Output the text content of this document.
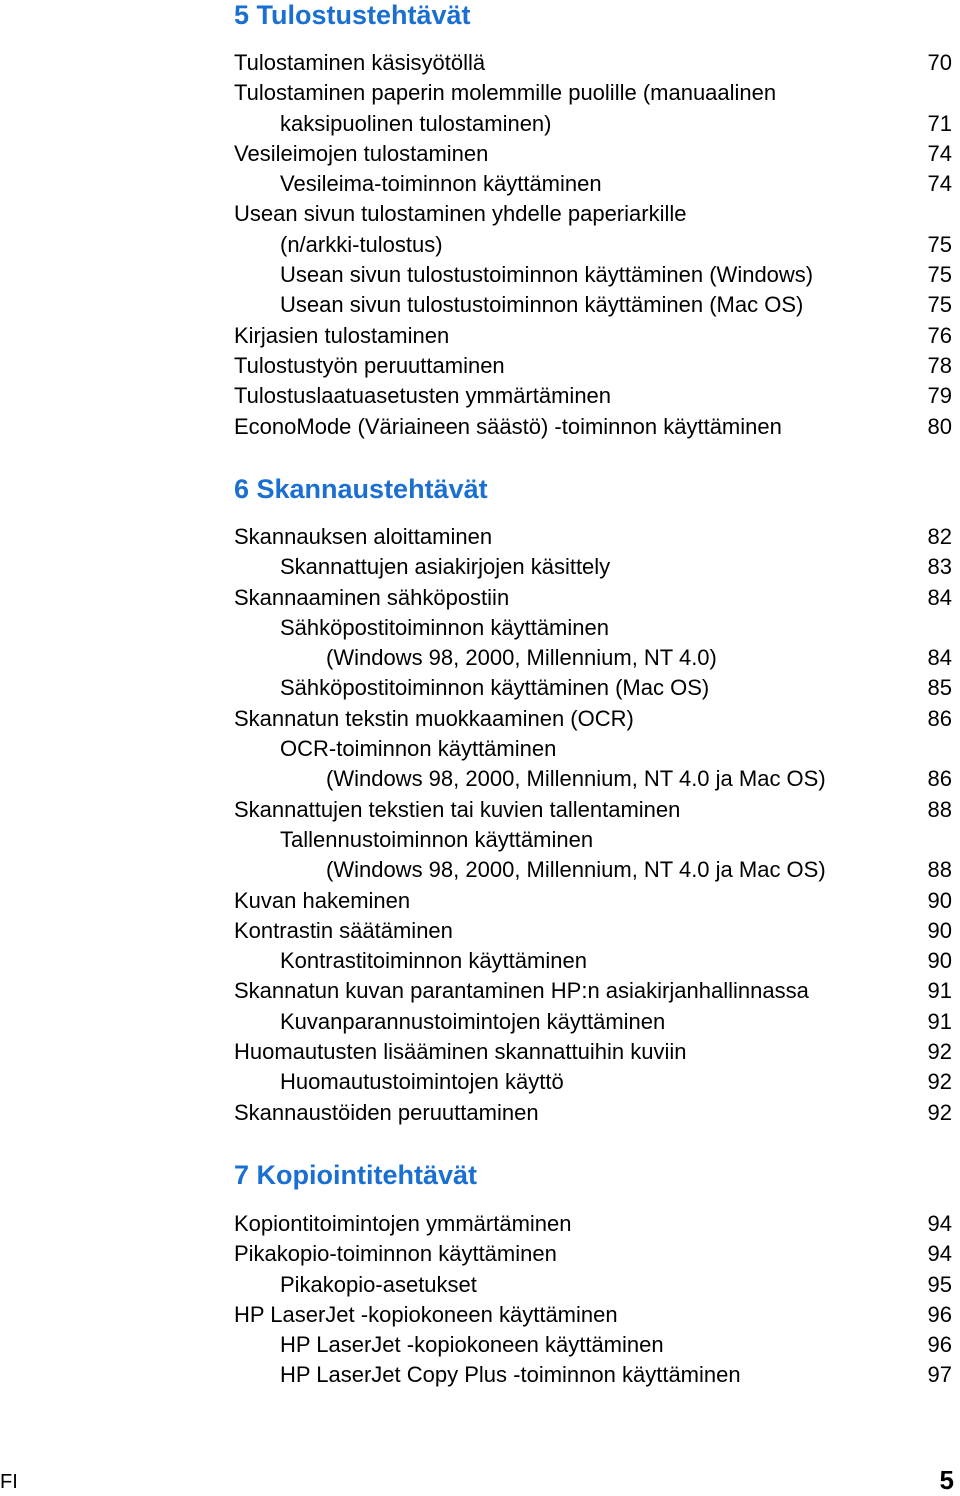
5 Tulostustehtävät
Tulostaminen käsisyötöllä	70
Tulostaminen paperin molemmille puolille (manuaalinen
kaksipuolinen tulostaminen)	71
Vesileimojen tulostaminen	74
Vesileima-toiminnon käyttäminen	74
Usean sivun tulostaminen yhdelle paperiarkille
(n/arkki-tulostus)	75
Usean sivun tulostustoiminnon käyttäminen (Windows)	75
Usean sivun tulostustoiminnon käyttäminen (Mac OS)	75
Kirjasien tulostaminen	76
Tulostustyön peruuttaminen	78
Tulostuslaatuasetusten ymmärtäminen	79
EconoMode (Väriaineen säästö) -toiminnon käyttäminen	80
6 Skannaustehtävät
Skannauksen aloittaminen	82
Skannattujen asiakirjojen käsittely	83
Skannaaminen sähköpostiin	84
Sähköpostitoiminnon käyttäminen
(Windows 98, 2000, Millennium, NT 4.0)	84
Sähköpostitoiminnon käyttäminen (Mac OS)	85
Skannatun tekstin muokkaaminen (OCR)	86
OCR-toiminnon käyttäminen
(Windows 98, 2000, Millennium, NT 4.0 ja Mac OS)	86
Skannattujen tekstien tai kuvien tallentaminen	88
Tallennustoiminnon käyttäminen
(Windows 98, 2000, Millennium, NT 4.0 ja Mac OS)	88
Kuvan hakeminen	90
Kontrastin säätäminen	90
Kontrastitoiminnon käyttäminen	90
Skannatun kuvan parantaminen HP:n asiakirjanhallinnassa	91
Kuvanparannustoimintojen käyttäminen	91
Huomautusten lisääminen skannattuihin kuviin	92
Huomautustoimintojen käyttö	92
Skannaustöiden peruuttaminen	92
7 Kopiointitehtävät
Kopiontitoimintojen ymmärtäminen	94
Pikakopio-toiminnon käyttäminen	94
Pikakopio-asetukset	95
HP LaserJet -kopiokoneen käyttäminen	96
HP LaserJet -kopiokoneen käyttäminen	96
HP LaserJet Copy Plus -toiminnon käyttäminen	97
FI	5
